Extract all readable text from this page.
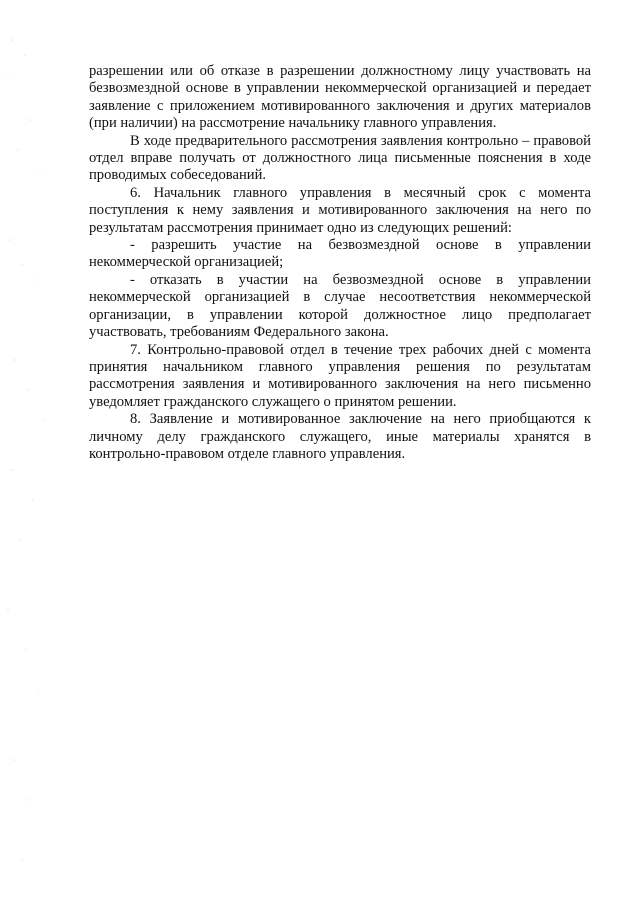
разрешении или об отказе в разрешении должностному лицу участвовать на безвозмездной основе в управлении некоммерческой организацией и передает заявление с приложением мотивированного заключения и других материалов (при наличии) на рассмотрение начальнику главного управления.

В ходе предварительного рассмотрения заявления контрольно – правовой отдел вправе получать от должностного лица письменные пояснения в ходе проводимых собеседований.

6. Начальник главного управления в месячный срок с момента поступления к нему заявления и мотивированного заключения на него по результатам рассмотрения принимает одно из следующих решений:

- разрешить участие на безвозмездной основе в управлении некоммерческой организацией;

- отказать в участии на безвозмездной основе в управлении некоммерческой организацией в случае несоответствия некоммерческой организации, в управлении которой должностное лицо предполагает участвовать, требованиям Федерального закона.

7. Контрольно-правовой отдел в течение трех рабочих дней с момента принятия начальником главного управления решения по результатам рассмотрения заявления и мотивированного заключения на него письменно уведомляет гражданского служащего о принятом решении.

8. Заявление и мотивированное заключение на него приобщаются к личному делу гражданского служащего, иные материалы хранятся в контрольно-правовом отделе главного управления.
